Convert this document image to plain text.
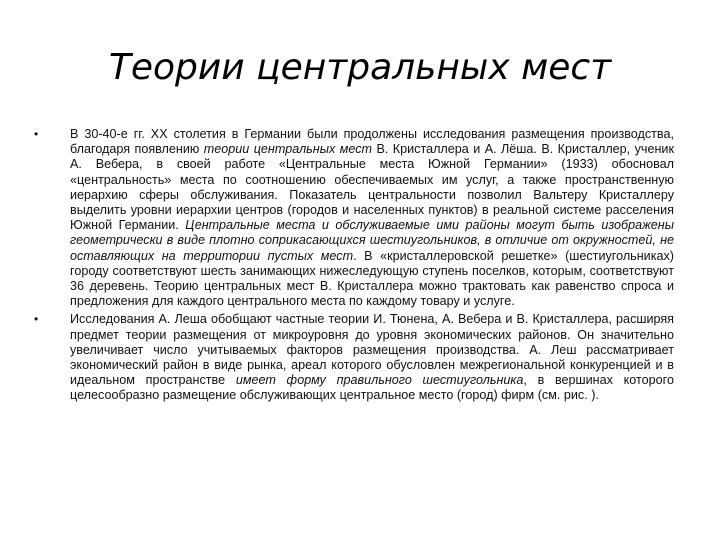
Теории центральных мест
•	В 30-40-е гг. XX столетия в Германии были продолжены исследования размещения производства, благодаря появлению теории центральных мест В. Кристаллера и А. Лёша. В. Кристаллер, ученик А. Вебера, в своей работе «Центральные места Южной Германии» (1933) обосновал «центральность» места по соотношению обеспечиваемых им услуг, а также пространственную иерархию сферы обслуживания. Показатель центральности позволил Вальтеру Кристаллеру выделить уровни иерархии центров (городов и населенных пунктов) в реальной системе расселения Южной Германии. Центральные места и обслуживаемые ими районы могут быть изображены геометрически в виде плотно соприкасающихся шестиугольников, в отличие от окружностей, не оставляющих на территории пустых мест. В «кристаллеровской решетке» (шестиугольниках) городу соответствуют шесть занимающих нижеследующую ступень поселков, которым, соответствуют 36 деревень. Теорию центральных мест В. Кристаллера можно трактовать как равенство спроса и предложения для каждого центрального места по каждому товару и услуге.
•	Исследования А. Леша обобщают частные теории И. Тюнена, А. Вебера и В. Кристаллера, расширяя предмет теории размещения от микроуровня до уровня экономических районов. Он значительно увеличивает число учитываемых факторов размещения производства. А. Леш рассматривает экономический район в виде рынка, ареал которого обусловлен межрегиональной конкуренцией и в идеальном пространстве имеет форму правильного шестиугольника, в вершинах которого целесообразно размещение обслуживающих центральное место (город) фирм (см. рис. ).
